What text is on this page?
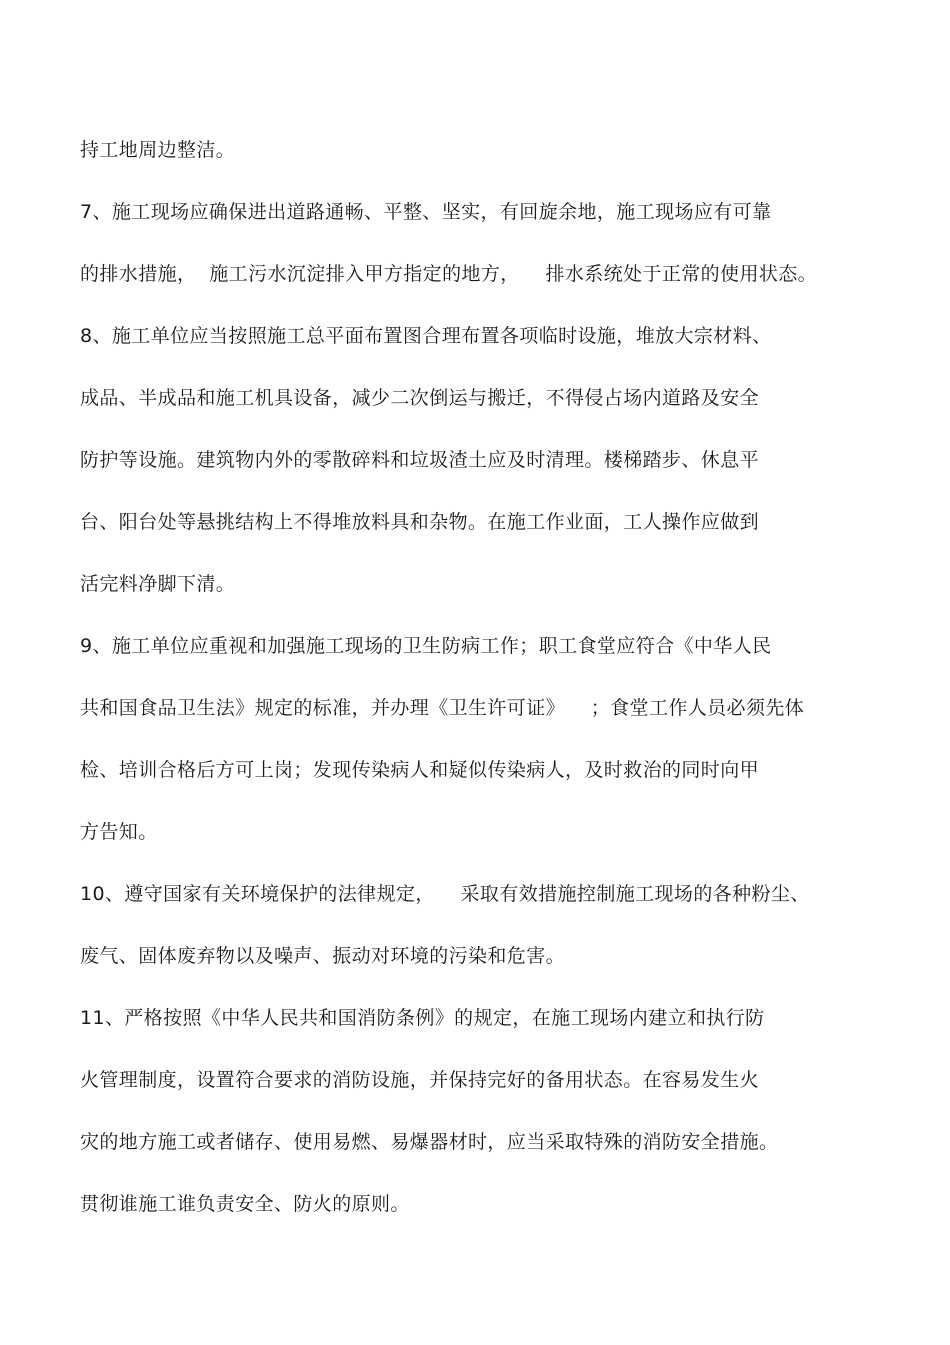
持工地周边整洁。
7、施工现场应确保进出道路通畅、平整、坚实，有回旋余地，施工现场应有可靠
的排水措施，  施工污水沉淀排入甲方指定的地方，    排水系统处于正常的使用状态。
8、施工单位应当按照施工总平面布置图合理布置各项临时设施，堆放大宗材料、
成品、半成品和施工机具设备，减少二次倒运与搬迁，不得侵占场内道路及安全
防护等设施。建筑物内外的零散碎料和垃圾渣土应及时清理。楼梯踏步、休息平
台、阳台处等悬挑结构上不得堆放料具和杂物。在施工作业面，工人操作应做到
活完料净脚下清。
9、施工单位应重视和加强施工现场的卫生防病工作；职工食堂应符合《中华人民
共和国食品卫生法》规定的标准，并办理《卫生许可证》    ；食堂工作人员必须先体
检、培训合格后方可上岗；发现传染病人和疑似传染病人，及时救治的同时向甲
方告知。
10、遵守国家有关环境保护的法律规定，    采取有效措施控制施工现场的各种粉尘、
废气、固体废弃物以及噪声、振动对环境的污染和危害。
11、严格按照《中华人民共和国消防条例》的规定，在施工现场内建立和执行防
火管理制度，设置符合要求的消防设施，并保持完好的备用状态。在容易发生火
灾的地方施工或者储存、使用易燃、易爆器材时，应当采取特殊的消防安全措施。
贯彻谁施工谁负责安全、防火的原则。
